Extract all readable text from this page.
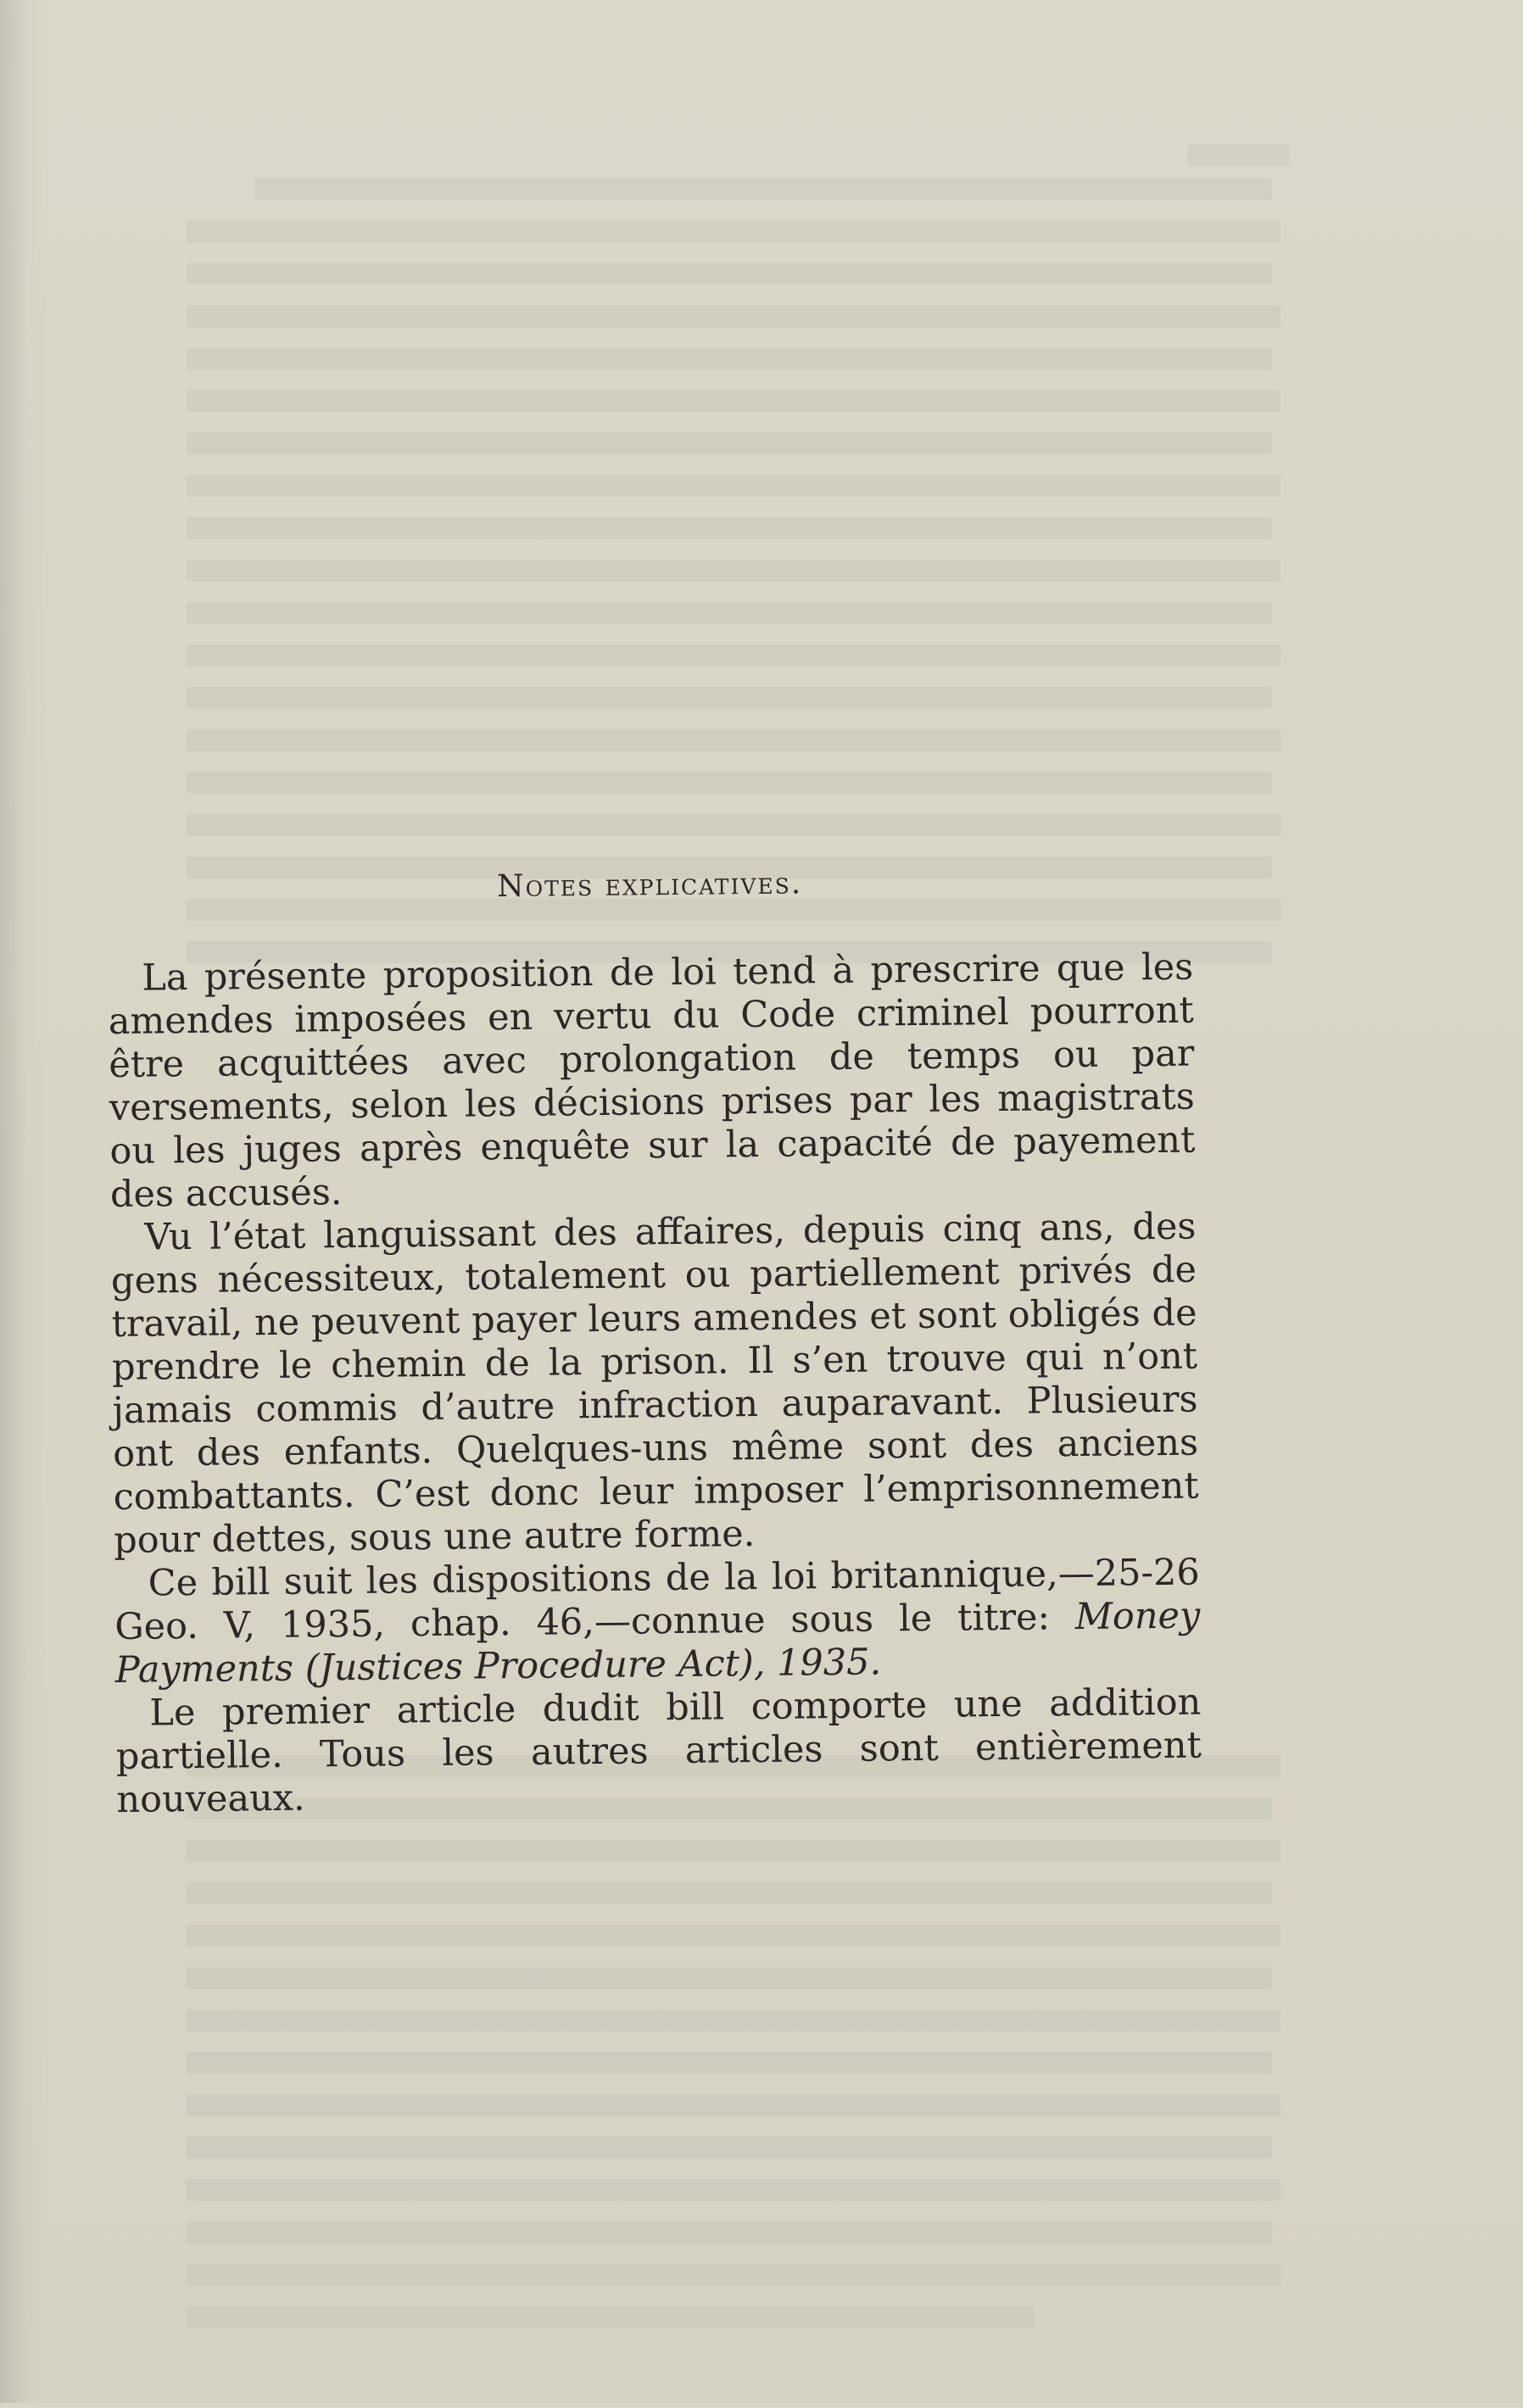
Notes explicatives.

La présente proposition de loi tend à prescrire que les amendes imposées en vertu du Code criminel pourront être acquittées avec prolongation de temps ou par versements, selon les décisions prises par les magistrats ou les juges après enquête sur la capacité de payement des accusés.

Vu l’état languissant des affaires, depuis cinq ans, des gens nécessiteux, totalement ou partiellement privés de travail, ne peuvent payer leurs amendes et sont obligés de prendre le chemin de la prison. Il s’en trouve qui n’ont jamais commis d’autre infraction auparavant. Plusieurs ont des enfants. Quelques-uns même sont des anciens combattants. C’est donc leur imposer l’emprisonnement pour dettes, sous une autre forme.

Ce bill suit les dispositions de la loi britannique,—25-26 Geo. V, 1935, chap. 46,—connue sous le titre: Money Payments (Justices Procedure Act), 1935.

Le premier article dudit bill comporte une addition partielle. Tous les autres articles sont entièrement nouveaux.
